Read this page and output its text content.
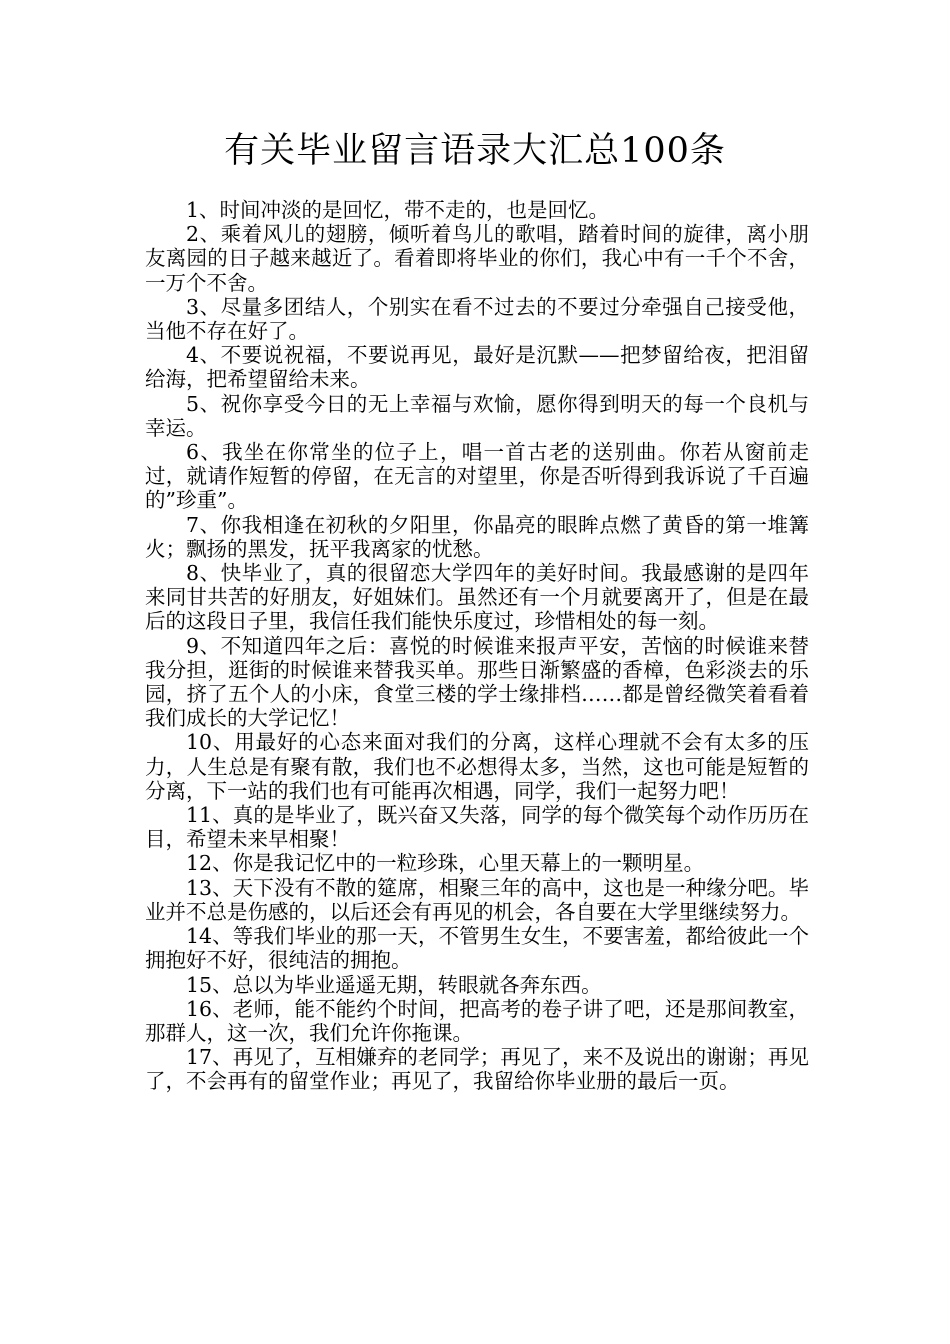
有关毕业留言语录大汇总100条

1、时间冲淡的是回忆，带不走的，也是回忆。

2、乘着风儿的翅膀，倾听着鸟儿的歌唱，踏着时间的旋律，离小朋友离园的日子越来越近了。看着即将毕业的你们，我心中有一千个不舍，一万个不舍。

3、尽量多团结人，个别实在看不过去的不要过分牵强自己接受他，当他不存在好了。

4、不要说祝福，不要说再见，最好是沉默——把梦留给夜，把泪留给海，把希望留给未来。

5、祝你享受今日的无上幸福与欢愉，愿你得到明天的每一个良机与幸运。

6、我坐在你常坐的位子上，唱一首古老的送别曲。你若从窗前走过，就请作短暂的停留，在无言的对望里，你是否听得到我诉说了千百遍的”珍重”。

7、你我相逢在初秋的夕阳里，你晶亮的眼眸点燃了黄昏的第一堆篝火；飘扬的黑发，抚平我离家的忧愁。

8、快毕业了，真的很留恋大学四年的美好时间。我最感谢的是四年来同甘共苦的好朋友，好姐妹们。虽然还有一个月就要离开了，但是在最后的这段日子里，我信任我们能快乐度过，珍惜相处的每一刻。

9、不知道四年之后：喜悦的时候谁来报声平安，苦恼的时候谁来替我分担，逛街的时候谁来替我买单。那些日渐繁盛的香樟，色彩淡去的乐园，挤了五个人的小床，食堂三楼的学士缘排档……都是曾经微笑着看着我们成长的大学记忆！

10、用最好的心态来面对我们的分离，这样心理就不会有太多的压力，人生总是有聚有散，我们也不必想得太多，当然，这也可能是短暂的分离，下一站的我们也有可能再次相遇，同学，我们一起努力吧！

11、真的是毕业了，既兴奋又失落，同学的每个微笑每个动作历历在目，希望未来早相聚！

12、你是我记忆中的一粒珍珠，心里天幕上的一颗明星。

13、天下没有不散的筵席，相聚三年的高中，这也是一种缘分吧。毕业并不总是伤感的，以后还会有再见的机会，各自要在大学里继续努力。

14、等我们毕业的那一天，不管男生女生，不要害羞，都给彼此一个拥抱好不好，很纯洁的拥抱。

15、总以为毕业遥遥无期，转眼就各奔东西。

16、老师，能不能约个时间，把高考的卷子讲了吧，还是那间教室，那群人，这一次，我们允许你拖课。

17、再见了，互相嫌弃的老同学；再见了，来不及说出的谢谢；再见了，不会再有的留堂作业；再见了，我留给你毕业册的最后一页。
